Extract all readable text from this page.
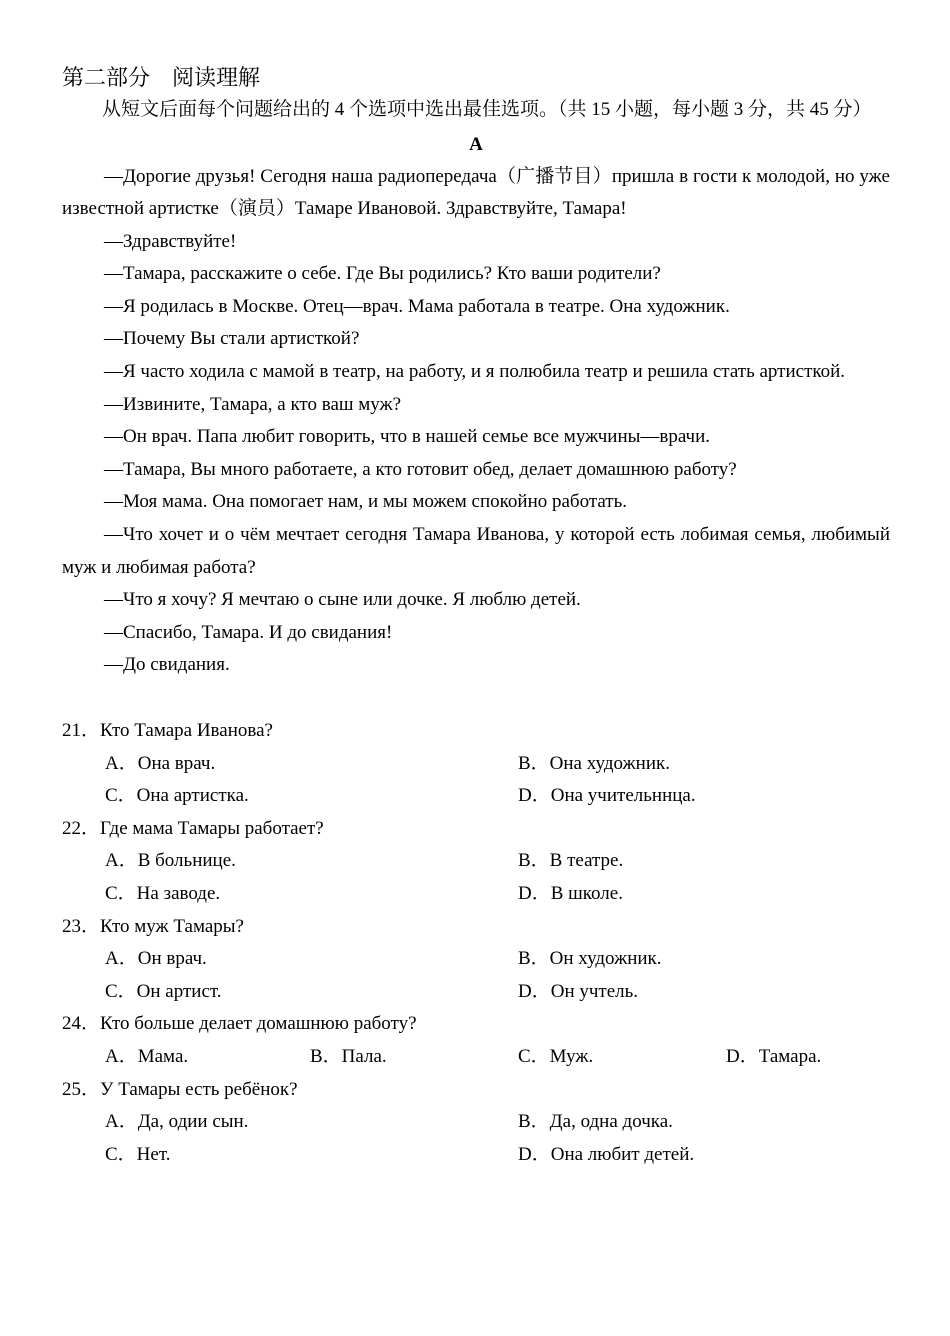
第二部分　阅读理解

从短文后面每个问题给出的 4 个选项中选出最佳选项。（共 15 小题，每小题 3 分，共 45 分）

A

—Дорогие друзья! Сегодня наша радиопередача（广播节目）пришла в гости к молодой, но уже известной артистке（演员）Тамаре Ивановой. Здравствуйте, Тамара!

—Здравствуйте!

—Тамара, расскажите о себе. Где Вы родились? Кто ваши родители?

—Я родилась в Москве. Отец—врач. Мама работала в театре. Она художник.

—Почему Вы стали артисткой?

—Я часто ходила с мамой в театр, на работу, и я полюбила театр и решила стать артисткой.

—Извините, Тамара, а кто ваш муж?

—Он врач. Папа любит говорить, что в нашей семье все мужчины—врачи.

—Тамара, Вы много работаете, а кто готовит обед, делает домашнюю работу?

—Моя мама. Она помогает нам, и мы можем спокойно работать.

—Что хочет и о чём мечтает сегодня Тамара Иванова, у которой есть лобимая семья, любимый муж и любимая работа?

—Что я хочу? Я мечтаю о сыне или дочке. Я люблю детей.

—Спасибо, Тамара. И до свидания!

—До свидания.

21．Кто Тамара Иванова?
A．Она врач.	B．Она художник.
C．Она артистка.	D．Она учительннца.
22．Где мама Тамары работает?
A．В больнице.	B．В театре.
C．На заводе.	D．В школе.
23．Кто муж Тамары?
A．Он врач.	B．Он художник.
C．Он артист.	D．Он учтель.
24．Кто больше делает домашнюю работу?
A．Мама.	B．Пала.	C．Муж.	D．Тамара.
25．У Тамары есть ребёнок?
A．Да, одии сын.	B．Да, одна дочка.
C．Нет.	D．Она любит детей.
